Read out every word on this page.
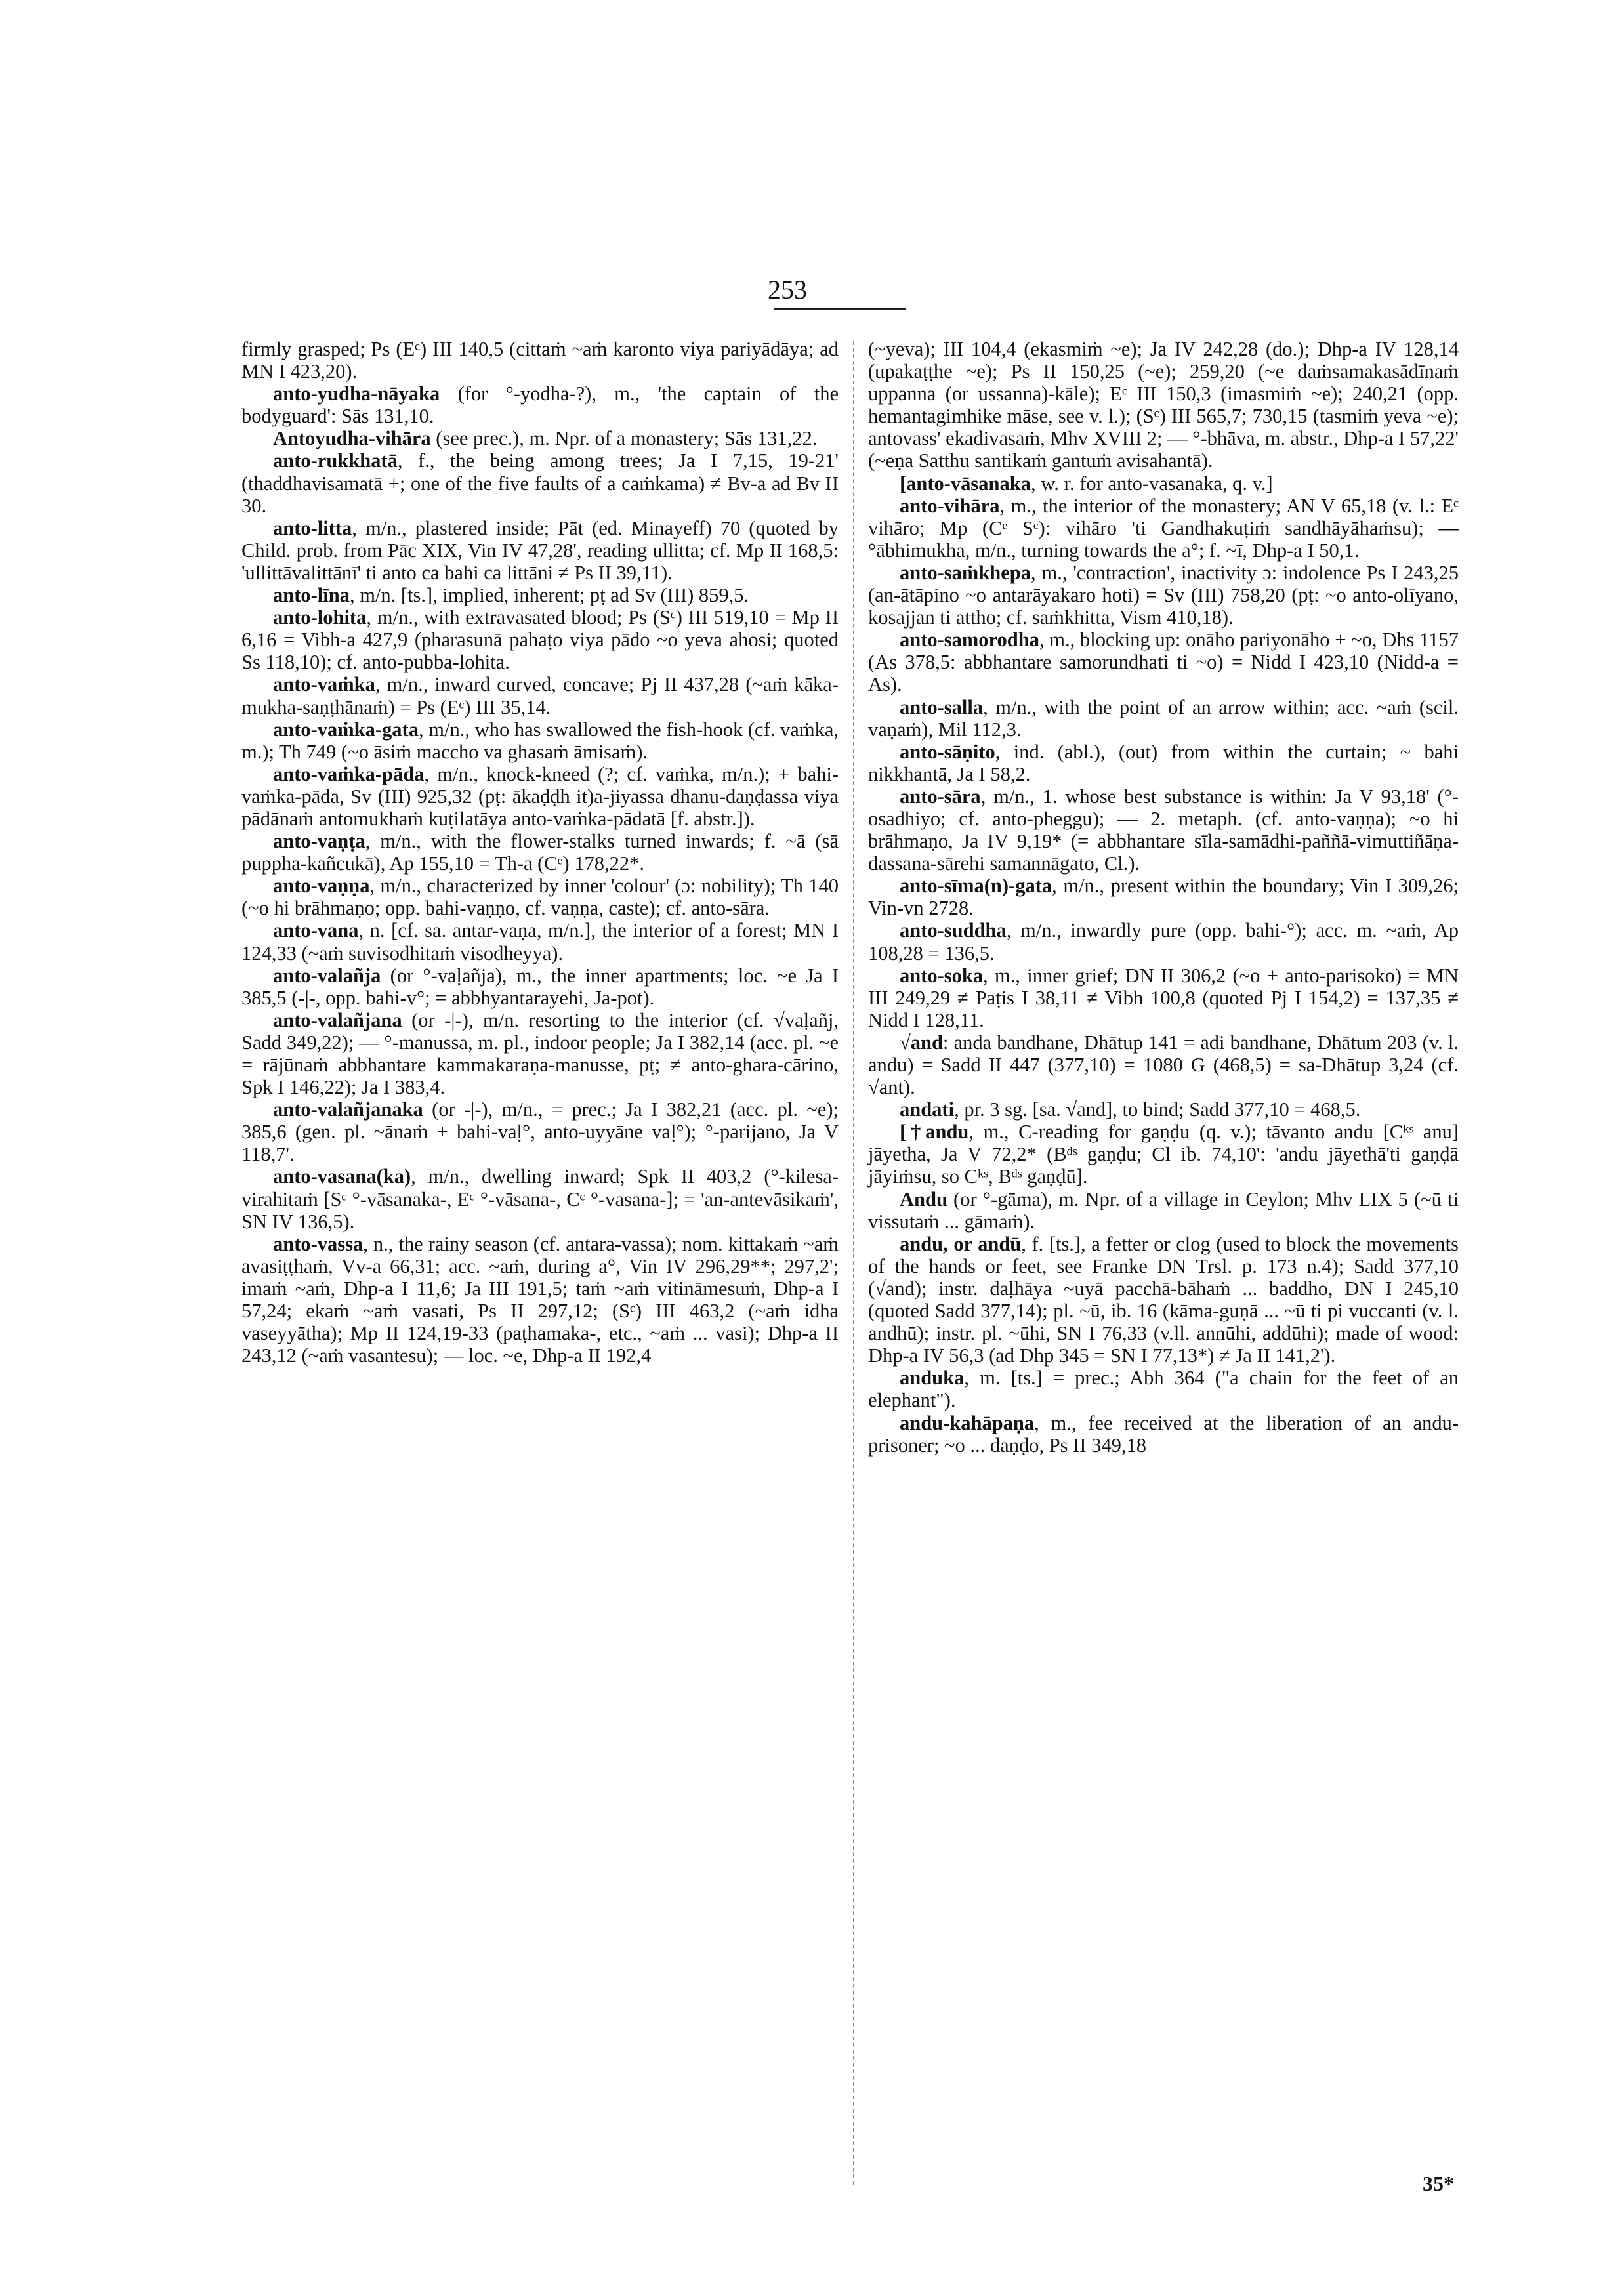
253

firmly grasped; Ps (Eᶜ) III 140,5 (cittaṁ ~aṁ karonto viya pariyādāya; ad MN I 423,20).

anto-yudha-nāyaka (for °-yodha-?), m., 'the captain of the bodyguard': Sās 131,10.

Antoyudha-vihāra (see prec.), m. Npr. of a monastery; Sās 131,22.

anto-rukkhatā, f., the being among trees; Ja I 7,15, 19-21' (thaddhavisamatā +; one of the five faults of a caṁkama) ≠ Bv-a ad Bv II 30.

anto-litta, m/n., plastered inside; Pāt (ed. Minayeff) 70 (quoted by Child. prob. from Pāc XIX, Vin IV 47,28', reading ullitta; cf. Mp II 168,5: 'ullittāvalittānī' ti anto ca bahi ca littāni ≠ Ps II 39,11).

anto-līna, m/n. [ts.], implied, inherent; pṭ ad Sv (III) 859,5.

anto-lohita, m/n., with extravasated blood; Ps (Sᶜ) III 519,10 = Mp II 6,16 = Vibh-a 427,9 (pharasunā pahaṭo viya pādo ~o yeva ahosi; quoted Ss 118,10); cf. anto-pubba-lohita.

anto-vaṁka, m/n., inward curved, concave; Pj II 437,28 (~aṁ kāka-mukha-saṇṭhānaṁ) = Ps (Eᶜ) III 35,14.

anto-vaṁka-gata, m/n., who has swallowed the fish-hook (cf. vaṁka, m.); Th 749 (~o āsiṁ maccho va ghasaṁ āmisaṁ).

anto-vaṁka-pāda, m/n., knock-kneed (?; cf. vaṁka, m/n.); + bahi-vaṁka-pāda, Sv (III) 925,32 (pṭ: ākaḍḍh it)a-jiyassa dhanu-daṇḍassa viya pādānaṁ antomukhaṁ kuṭilatāya anto-vaṁka-pādatā [f. abstr.]).

anto-vaṇṭa, m/n., with the flower-stalks turned inwards; f. ~ā (sā puppha-kañcukā), Ap 155,10 = Th-a (Cᵉ) 178,22*.

anto-vaṇṇa, m/n., characterized by inner 'colour' (ɔ: nobility); Th 140 (~o hi brāhmaṇo; opp. bahi-vaṇṇo, cf. vaṇṇa, caste); cf. anto-sāra.

anto-vana, n. [cf. sa. antar-vaṇa, m/n.], the interior of a forest; MN I 124,33 (~aṁ suvisodhitaṁ visodheyya).

anto-valañja (or °-vaḷañja), m., the inner apartments; loc. ~e Ja I 385,5 (-|-, opp. bahi-v°; = abbhyantarayehi, Ja-pot).

anto-valañjana (or -|-), m/n. resorting to the interior (cf. √vaḷañj, Sadd 349,22); — °-manussa, m. pl., indoor people; Ja I 382,14 (acc. pl. ~e = rājūnaṁ abbhantare kammakaraṇa-manusse, pṭ; ≠ anto-ghara-cārino, Spk I 146,22); Ja I 383,4.

anto-valañjanaka (or -|-), m/n., = prec.; Ja I 382,21 (acc. pl. ~e); 385,6 (gen. pl. ~ānaṁ + bahi-vaḷ°, anto-uyyāne vaḷ°); °-parijano, Ja V 118,7'.

anto-vasana(ka), m/n., dwelling inward; Spk II 403,2 (°-kilesa-virahitaṁ [Sᶜ °-vāsanaka-, Eᶜ °-vāsana-, Cᶜ °-vasana-]; = 'an-antevāsikaṁ', SN IV 136,5).

anto-vassa, n., the rainy season (cf. antara-vassa); nom. kittakaṁ ~aṁ avasiṭṭhaṁ, Vv-a 66,31; acc. ~aṁ, during a°, Vin IV 296,29**; 297,2'; imaṁ ~aṁ, Dhp-a I 11,6; Ja III 191,5; taṁ ~aṁ vitināmesuṁ, Dhp-a I 57,24; ekaṁ ~aṁ vasati, Ps II 297,12; (Sᶜ) III 463,2 (~aṁ idha vaseyyātha); Mp II 124,19-33 (paṭhamaka-, etc., ~aṁ ... vasi); Dhp-a II 243,12 (~aṁ vasantesu); — loc. ~e, Dhp-a II 192,4

(~yeva); III 104,4 (ekasmiṁ ~e); Ja IV 242,28 (do.); Dhp-a IV 128,14 (upakaṭṭhe ~e); Ps II 150,25 (~e); 259,20 (~e daṁsamakasādīnaṁ uppanna (or ussanna)-kāle); Eᶜ III 150,3 (imasmiṁ ~e); 240,21 (opp. hemantagimhike māse, see v. l.); (Sᶜ) III 565,7; 730,15 (tasmiṁ yeva ~e); antovass' ekadivasaṁ, Mhv XVIII 2; — °-bhāva, m. abstr., Dhp-a I 57,22' (~eṇa Satthu santikaṁ gantuṁ avisahantā).

[anto-vāsanaka, w. r. for anto-vasanaka, q. v.]

anto-vihāra, m., the interior of the monastery; AN V 65,18 (v. l.: Eᶜ vihāro; Mp (Cᵉ Sᶜ): vihāro 'ti Gandhakuṭiṁ sandhāyāhaṁsu); — °ābhimukha, m/n., turning towards the a°; f. ~ī, Dhp-a I 50,1.

anto-saṁkhepa, m., 'contraction', inactivity ɔ: indolence Ps I 243,25 (an-ātāpino ~o antarāyakaro hoti) = Sv (III) 758,20 (pṭ: ~o anto-olīyano, kosajjan ti attho; cf. saṁkhitta, Vism 410,18).

anto-samorodha, m., blocking up: onāho pariyonāho + ~o, Dhs 1157 (As 378,5: abbhantare samorundhati ti ~o) = Nidd I 423,10 (Nidd-a = As).

anto-salla, m/n., with the point of an arrow within; acc. ~aṁ (scil. vaṇaṁ), Mil 112,3.

anto-sāṇito, ind. (abl.), (out) from within the curtain; ~ bahi nikkhantā, Ja I 58,2.

anto-sāra, m/n., 1. whose best substance is within: Ja V 93,18' (°-osadhiyo; cf. anto-pheggu); — 2. metaph. (cf. anto-vaṇṇa); ~o hi brāhmaṇo, Ja IV 9,19* (= abbhantare sīla-samādhi-paññā-vimuttiñāṇa-dassana-sārehi samannāgato, Cl.).

anto-sīma(n)-gata, m/n., present within the boundary; Vin I 309,26; Vin-vn 2728.

anto-suddha, m/n., inwardly pure (opp. bahi-°); acc. m. ~aṁ, Ap 108,28 = 136,5.

anto-soka, m., inner grief; DN II 306,2 (~o + anto-parisoko) = MN III 249,29 ≠ Paṭis I 38,11 ≠ Vibh 100,8 (quoted Pj I 154,2) = 137,35 ≠ Nidd I 128,11.

√and: anda bandhane, Dhātup 141 = adi bandhane, Dhātum 203 (v. l. andu) = Sadd II 447 (377,10) = 1080 G (468,5) = sa-Dhātup 3,24 (cf. √ant).

andati, pr. 3 sg. [sa. √and], to bind; Sadd 377,10 = 468,5.

[†andu, m., C-reading for gaṇḍu (q. v.); tāvanto andu [Cᵏˢ anu] jāyetha, Ja V 72,2* (Bᵈˢ gaṇḍu; Cl ib. 74,10': 'andu jāyethā'ti gaṇḍā jāyiṁsu, so Cᵏˢ, Bᵈˢ gaṇḍū].

Andu (or °-gāma), m. Npr. of a village in Ceylon; Mhv LIX 5 (~ū ti vissutaṁ ... gāmaṁ).

andu, or andū, f. [ts.], a fetter or clog (used to block the movements of the hands or feet, see Franke DN Trsl. p. 173 n.4); Sadd 377,10 (√and); instr. daḷhāya ~uyā pacchā-bāhaṁ ... baddho, DN I 245,10 (quoted Sadd 377,14); pl. ~ū, ib. 16 (kāma-guṇā ... ~ū ti pi vuccanti (v. l. andhū); instr. pl. ~ūhi, SN I 76,33 (v.ll. annūhi, addūhi); made of wood: Dhp-a IV 56,3 (ad Dhp 345 = SN I 77,13*) ≠ Ja II 141,2').

anduka, m. [ts.] = prec.; Abh 364 ("a chain for the feet of an elephant").

andu-kahāpaṇa, m., fee received at the liberation of an andu-prisoner; ~o ... daṇḍo, Ps II 349,18

35*
